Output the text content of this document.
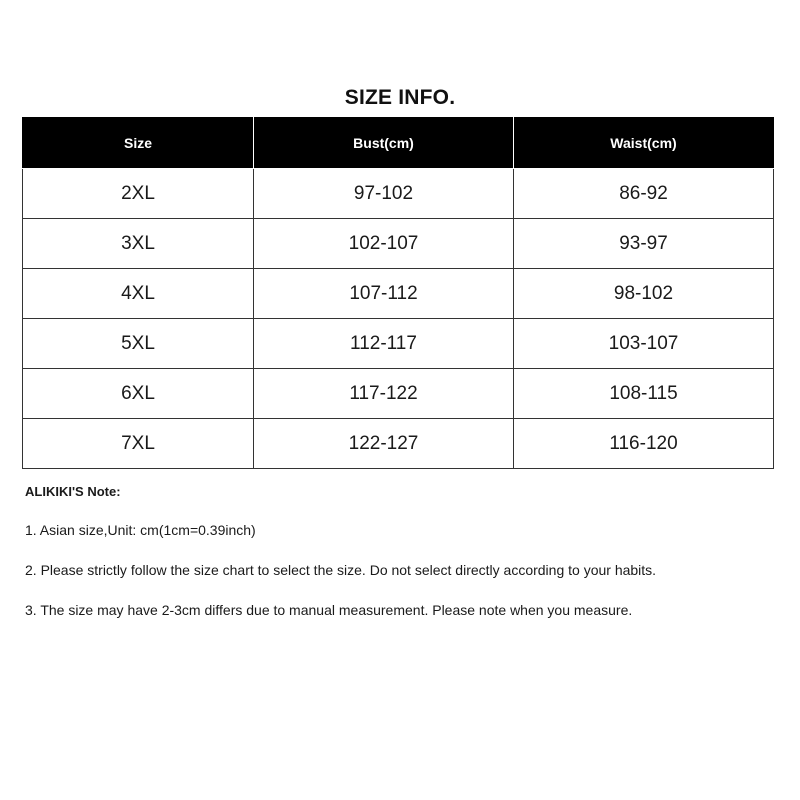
SIZE INFO.
Size	Bust(cm)	Waist(cm)
2XL	97-102	86-92
3XL	102-107	93-97
4XL	107-112	98-102
5XL	112-117	103-107
6XL	117-122	108-115
7XL	122-127	116-120
ALIKIKI'S Note:
1. Asian size,Unit: cm(1cm=0.39inch)
2. Please strictly follow the size chart to select the size. Do not select directly according to your habits.
3. The size may have 2-3cm differs due to manual measurement. Please note when you measure.
